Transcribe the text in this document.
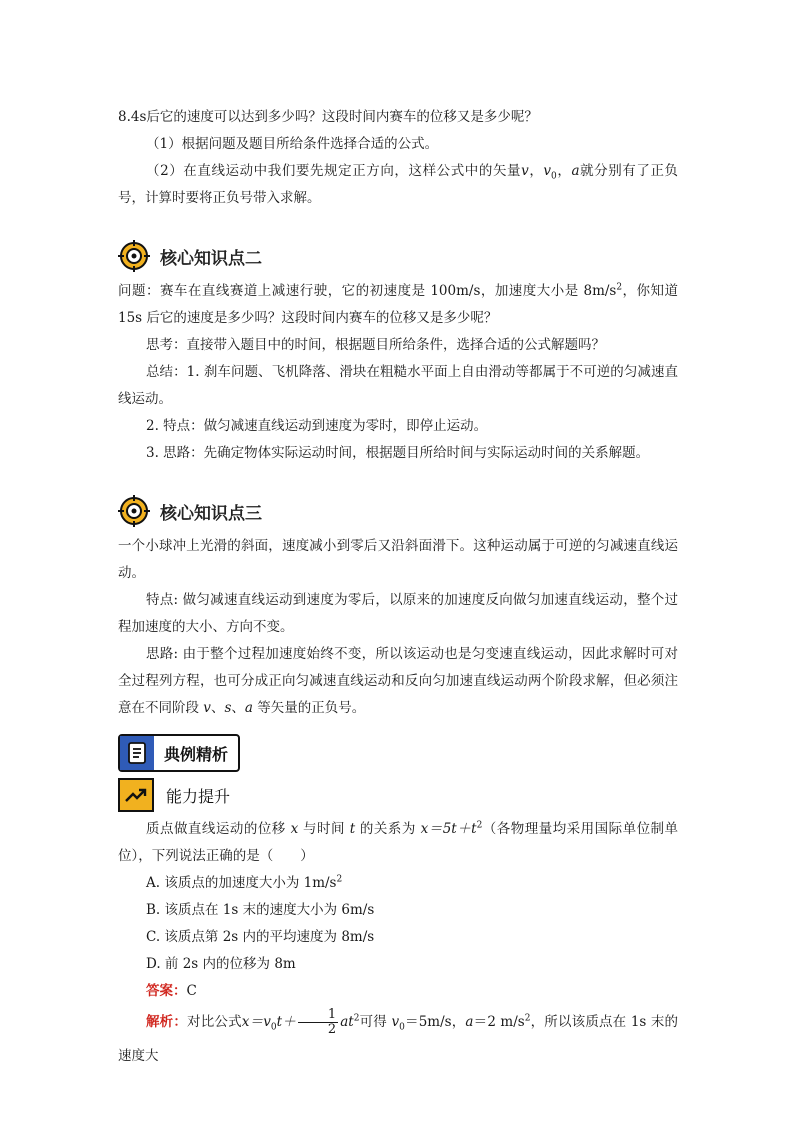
8.4s后它的速度可以达到多少吗？这段时间内赛车的位移又是多少呢？

（1）根据问题及题目所给条件选择合适的公式。

（2）在直线运动中我们要先规定正方向，这样公式中的矢量v，$v_0$，a就分别有了正负号，计算时要将正负号带入求解。

核心知识点二

问题：赛车在直线赛道上减速行驶，它的初速度是 100m/s，加速度大小是 $8m/s^2$，你知道15s 后它的速度是多少吗？这段时间内赛车的位移又是多少呢？

思考：直接带入题目中的时间，根据题目所给条件，选择合适的公式解题吗？

总结：1. 刹车问题、飞机降落、滑块在粗糙水平面上自由滑动等都属于不可逆的匀减速直线运动。

2. 特点：做匀减速直线运动到速度为零时，即停止运动。

3. 思路：先确定物体实际运动时间，根据题目所给时间与实际运动时间的关系解题。

核心知识点三

一个小球冲上光滑的斜面，速度减小到零后又沿斜面滑下。这种运动属于可逆的匀减速直线运动。

特点: 做匀减速直线运动到速度为零后，以原来的加速度反向做匀加速直线运动，整个过程加速度的大小、方向不变。

思路: 由于整个过程加速度始终不变，所以该运动也是匀变速直线运动，因此求解时可对全过程列方程，也可分成正向匀减速直线运动和反向匀加速直线运动两个阶段求解，但必须注意在不同阶段 v、s、a 等矢量的正负号。

典例精析
能力提升

质点做直线运动的位移 x 与时间 t 的关系为 $x=5t+t^2$（各物理量均采用国际单位制单位），下列说法正确的是（　　）

A. 该质点的加速度大小为 $1m/s^2$

B. 该质点在 1s 末的速度大小为 6m/s

C. 该质点第 2s 内的平均速度为 8m/s

D. 前 2s 内的位移为 8m

答案：C

解析：对比公式$x=v_0t+ \frac{1}{2} at^2$可得 $v_0=5m/s$，a＝2 $m/s^2$，所以该质点在 1s 末的速度大
